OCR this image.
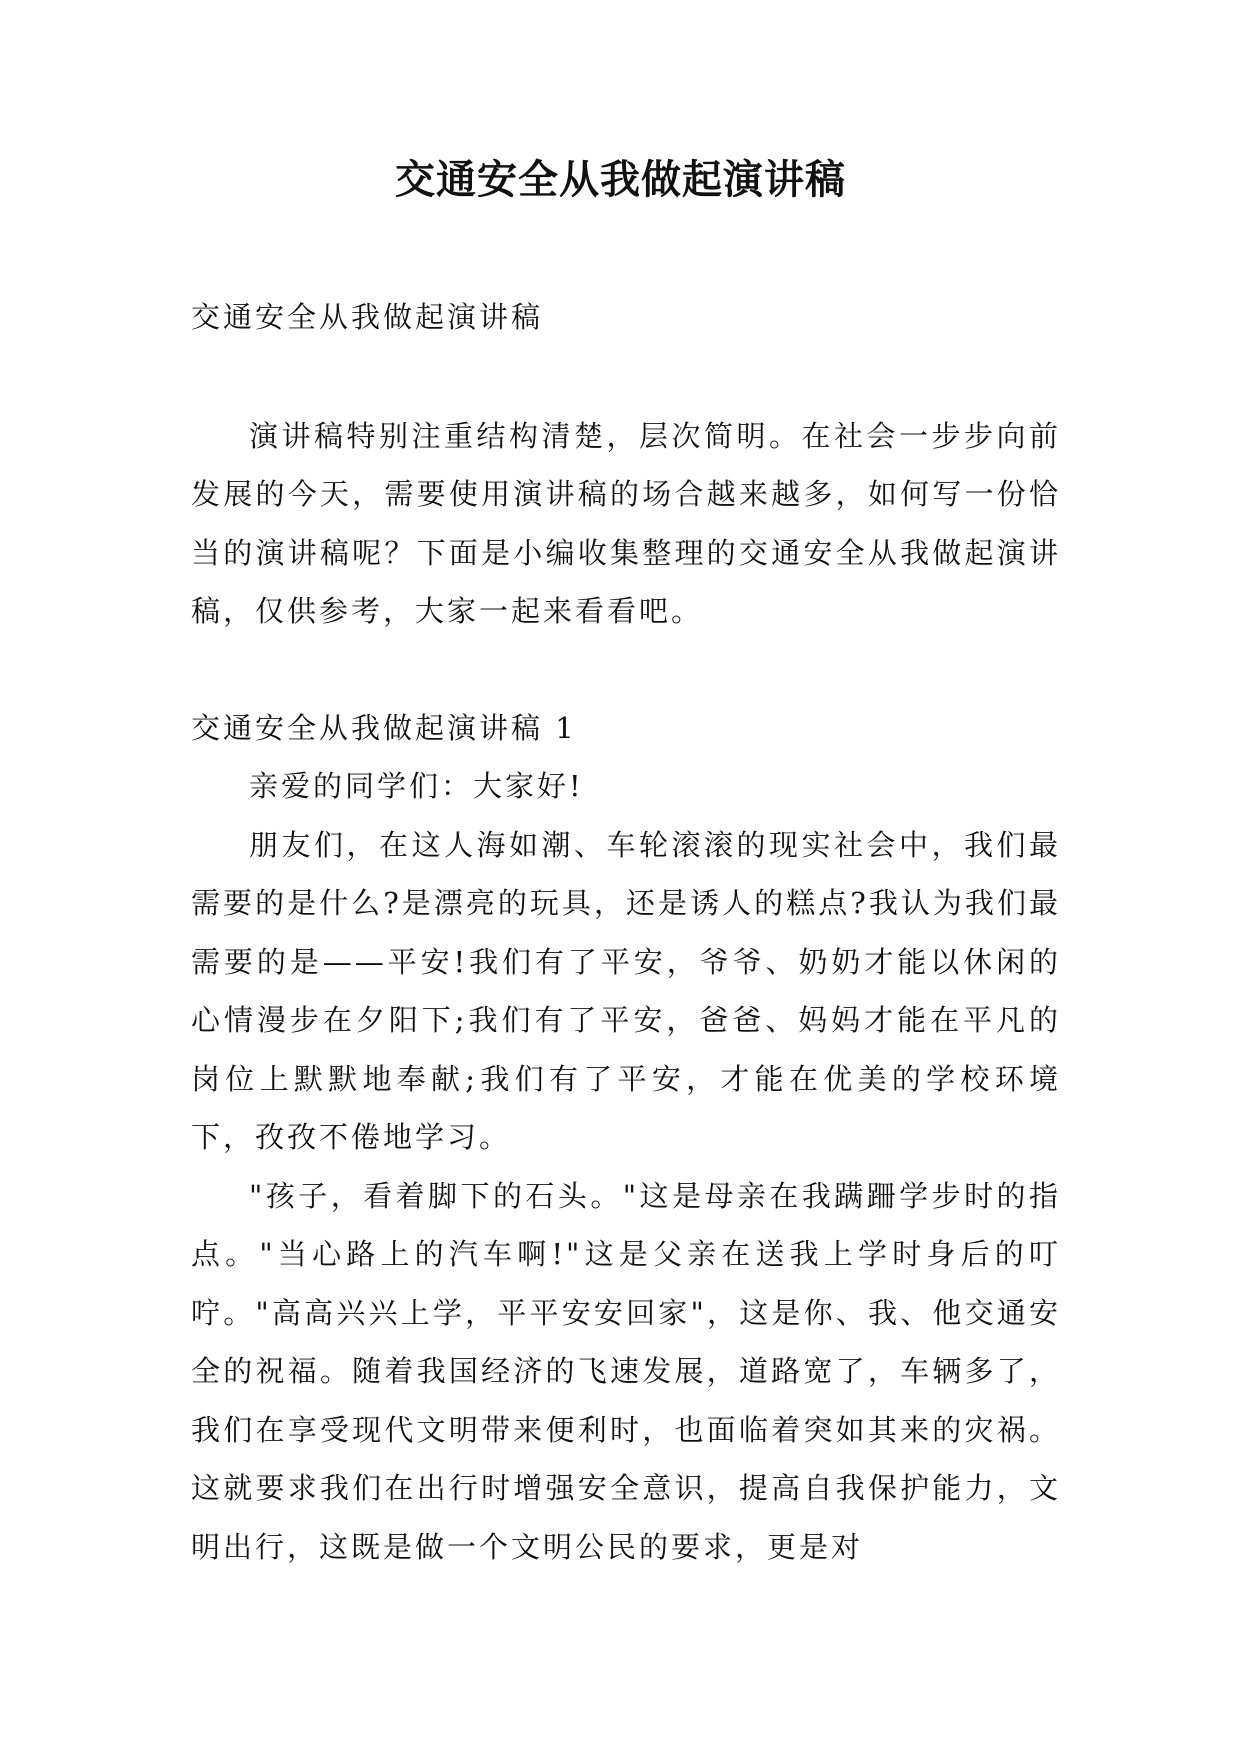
交通安全从我做起演讲稿

交通安全从我做起演讲稿

演讲稿特别注重结构清楚，层次简明。在社会一步步向前发展的今天，需要使用演讲稿的场合越来越多，如何写一份恰当的演讲稿呢？下面是小编收集整理的交通安全从我做起演讲稿，仅供参考，大家一起来看看吧。

交通安全从我做起演讲稿 1

亲爱的同学们：大家好!

朋友们，在这人海如潮、车轮滚滚的现实社会中，我们最需要的是什么?是漂亮的玩具，还是诱人的糕点?我认为我们最需要的是——平安!我们有了平安，爷爷、奶奶才能以休闲的心情漫步在夕阳下;我们有了平安，爸爸、妈妈才能在平凡的岗位上默默地奉献;我们有了平安，才能在优美的学校环境下，孜孜不倦地学习。

"孩子，看着脚下的石头。"这是母亲在我蹒跚学步时的指点。"当心路上的汽车啊!"这是父亲在送我上学时身后的叮咛。"高高兴兴上学，平平安安回家"，这是你、我、他交通安全的祝福。随着我国经济的飞速发展，道路宽了，车辆多了，我们在享受现代文明带来便利时，也面临着突如其来的灾祸。这就要求我们在出行时增强安全意识，提高自我保护能力，文明出行，这既是做一个文明公民的要求，更是对
